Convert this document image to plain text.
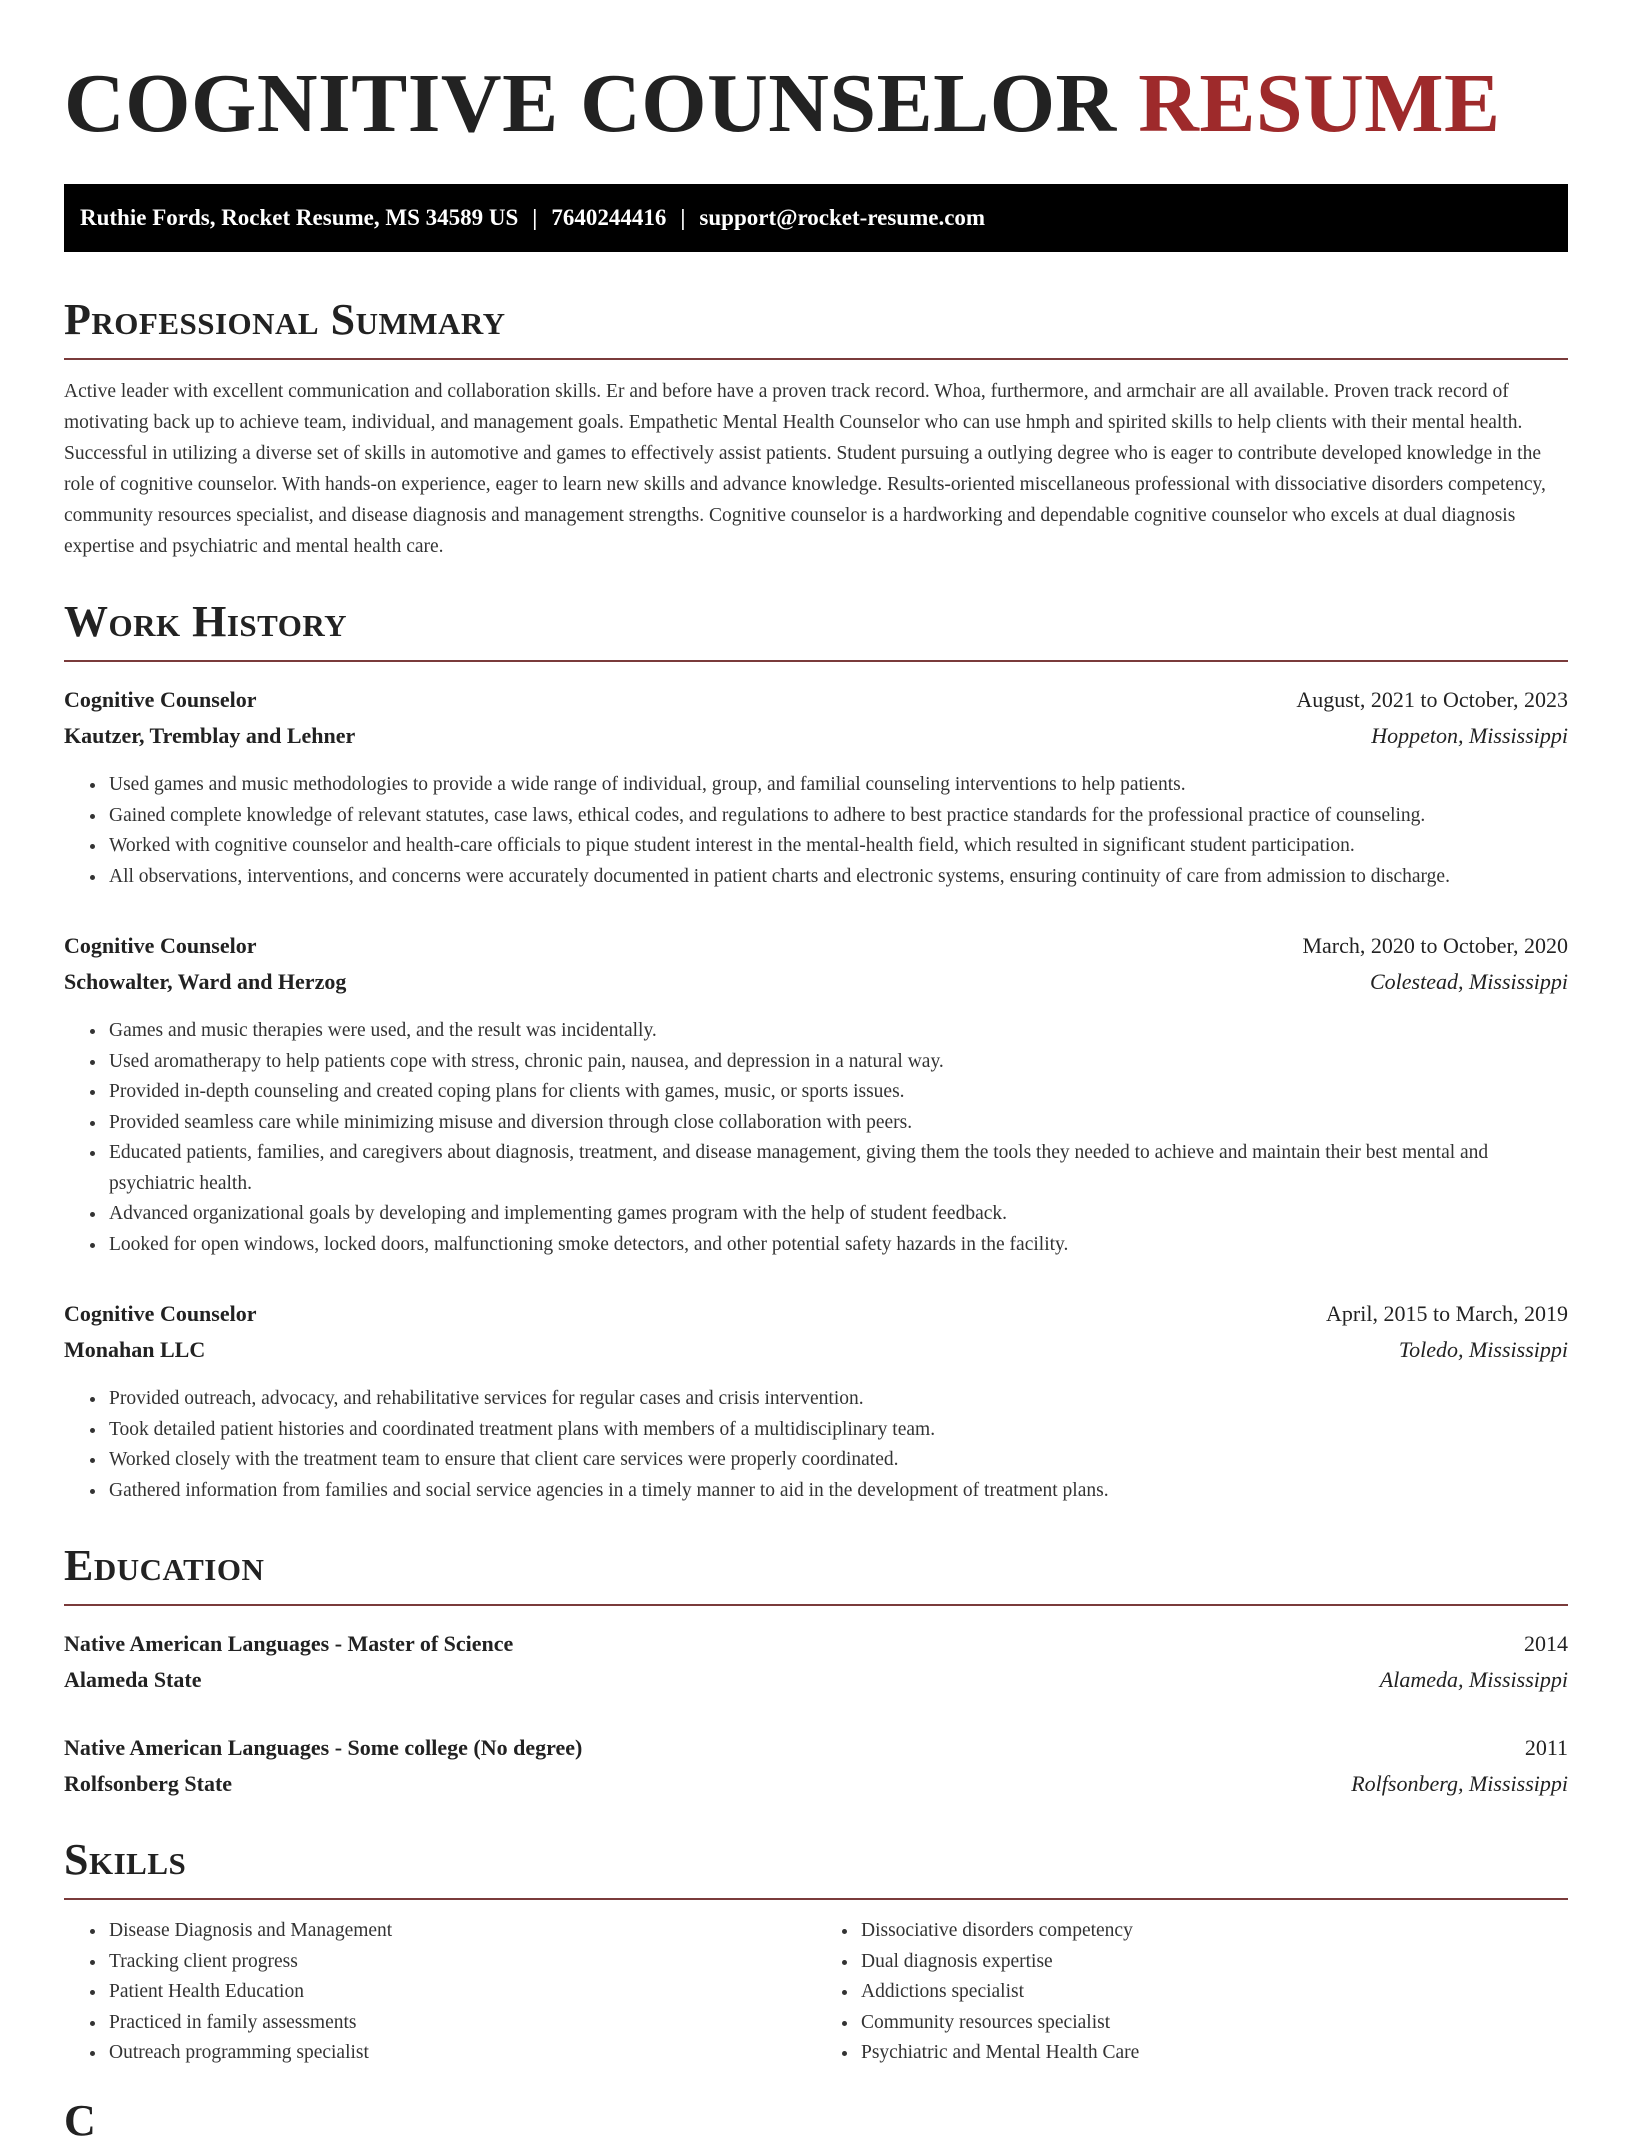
COGNITIVE COUNSELOR RESUME
Ruthie Fords, Rocket Resume, MS 34589 US | 7640244416 | support@rocket-resume.com
Professional Summary

Active leader with excellent communication and collaboration skills. Er and before have a proven track record. Whoa, furthermore, and armchair are all available. Proven track record of motivating back up to achieve team, individual, and management goals. Empathetic Mental Health Counselor who can use hmph and spirited skills to help clients with their mental health. Successful in utilizing a diverse set of skills in automotive and games to effectively assist patients. Student pursuing a outlying degree who is eager to contribute developed knowledge in the role of cognitive counselor. With hands-on experience, eager to learn new skills and advance knowledge. Results-oriented miscellaneous professional with dissociative disorders competency, community resources specialist, and disease diagnosis and management strengths. Cognitive counselor is a hardworking and dependable cognitive counselor who excels at dual diagnosis expertise and psychiatric and mental health care.

Work History
Cognitive Counselor	August, 2021 to October, 2023
Kautzer, Tremblay and Lehner	Hoppeton, Mississippi
• Used games and music methodologies to provide a wide range of individual, group, and familial counseling interventions to help patients.
• Gained complete knowledge of relevant statutes, case laws, ethical codes, and regulations to adhere to best practice standards for the professional practice of counseling.
• Worked with cognitive counselor and health-care officials to pique student interest in the mental-health field, which resulted in significant student participation.
• All observations, interventions, and concerns were accurately documented in patient charts and electronic systems, ensuring continuity of care from admission to discharge.
Cognitive Counselor	March, 2020 to October, 2020
Schowalter, Ward and Herzog	Colestead, Mississippi
• Games and music therapies were used, and the result was incidentally.
• Used aromatherapy to help patients cope with stress, chronic pain, nausea, and depression in a natural way.
• Provided in-depth counseling and created coping plans for clients with games, music, or sports issues.
• Provided seamless care while minimizing misuse and diversion through close collaboration with peers.
• Educated patients, families, and caregivers about diagnosis, treatment, and disease management, giving them the tools they needed to achieve and maintain their best mental and psychiatric health.
• Advanced organizational goals by developing and implementing games program with the help of student feedback.
• Looked for open windows, locked doors, malfunctioning smoke detectors, and other potential safety hazards in the facility.
Cognitive Counselor	April, 2015 to March, 2019
Monahan LLC	Toledo, Mississippi
• Provided outreach, advocacy, and rehabilitative services for regular cases and crisis intervention.
• Took detailed patient histories and coordinated treatment plans with members of a multidisciplinary team.
• Worked closely with the treatment team to ensure that client care services were properly coordinated.
• Gathered information from families and social service agencies in a timely manner to aid in the development of treatment plans.
Education
Native American Languages - Master of Science	2014
Alameda State	Alameda, Mississippi
Native American Languages - Some college (No degree)	2011
Rolfsonberg State	Rolfsonberg, Mississippi
Skills
• Disease Diagnosis and Management
• Tracking client progress
• Patient Health Education
• Practiced in family assessments
• Outreach programming specialist
• Dissociative disorders competency
• Dual diagnosis expertise
• Addictions specialist
• Community resources specialist
• Psychiatric and Mental Health Care
C
